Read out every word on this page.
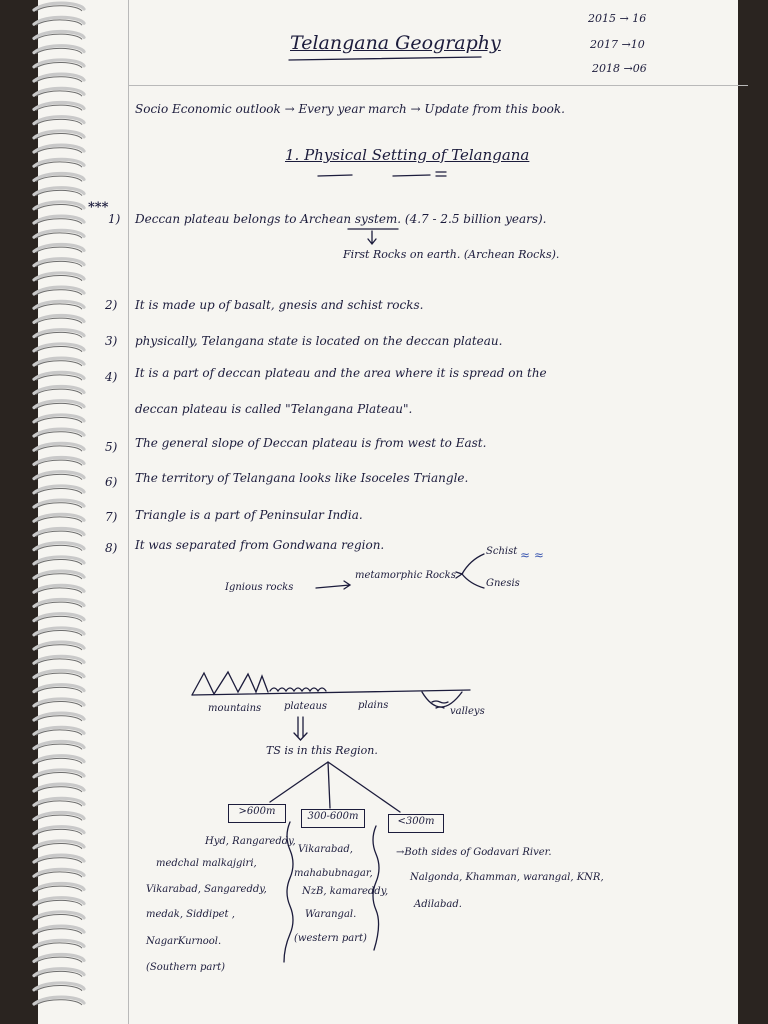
Telangana Geography
2015 → 16
2017 →10
2018 →06
Socio Economic outlook → Every year march → Update from this book.
1. Physical Setting of Telangana
***
1) Deccan plateau belongs to Archean system. (4.7 - 2.5 billion years).
First Rocks on earth. (Archean Rocks).
2) It is made up of basalt, gnesis and schist rocks.
3) physically, Telangana state is located on the deccan plateau.
4) It is a part of deccan plateau and the area where it is spread on the
deccan plateau is called "Telangana Plateau".
5) The general slope of Deccan plateau is from west to East.
6) The territory of Telangana looks like Isoceles Triangle.
7) Triangle is a part of Peninsular India.
8) It was separated from Gondwana region.
Ignious rocks
metamorphic Rocks
Schist
Gnesis
≈ ≈
mountains plateaus	plains
valleys
TS is in this Region.
>600m	300-600m	<300m
Hyd, Rangareddy,
medchal malkajgiri,
Vikarabad, Sangareddy,
medak, Siddipet ,
NagarKurnool.
(Southern part)
Vikarabad,
mahabubnagar,
NzB, kamareddy,
Warangal.
(western part)
→Both sides of Godavari River.
Nalgonda, Khamman, warangal, KNR,
Adilabad.
